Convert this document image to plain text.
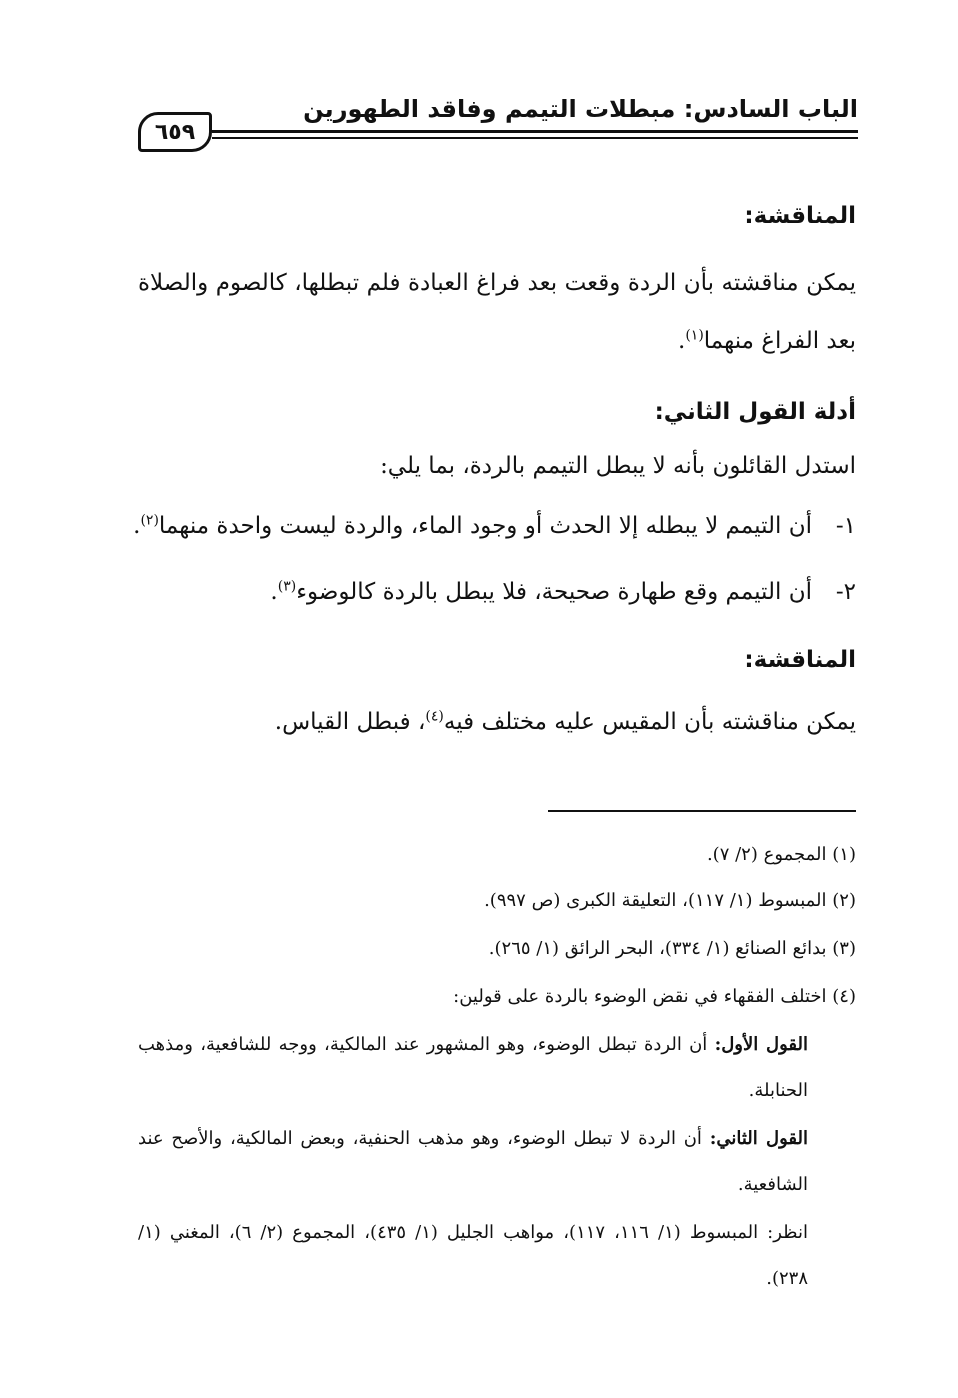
الباب السادس: مبطلات التيمم وفاقد الطهورين
٦٥٩
المناقشة:
يمكن مناقشته بأن الردة وقعت بعد فراغ العبادة فلم تبطلها، كالصوم والصلاة بعد الفراغ منهما$^{(١)}$.
أدلة القول الثاني:
استدل القائلون بأنه لا يبطل التيمم بالردة، بما يلي:
١-أن التيمم لا يبطله إلا الحدث أو وجود الماء، والردة ليست واحدة منهما$^{(٢)}$.
٢-أن التيمم وقع طهارة صحيحة، فلا يبطل بالردة كالوضوء$^{(٣)}$.
المناقشة:
يمكن مناقشته بأن المقيس عليه مختلف فيه$^{(٤)}$، فبطل القياس.
(١) المجموع (٢/ ٧).
(٢) المبسوط (١/ ١١٧)، التعليقة الكبرى (ص ٩٩٧).
(٣) بدائع الصنائع (١/ ٣٣٤)، البحر الرائق (١/ ٢٦٥).
(٤) اختلف الفقهاء في نقض الوضوء بالردة على قولين:
القول الأول: أن الردة تبطل الوضوء، وهو المشهور عند المالكية، ووجه للشافعية، ومذهب الحنابلة.
القول الثاني: أن الردة لا تبطل الوضوء، وهو مذهب الحنفية، وبعض المالكية، والأصح عند الشافعية.
انظر: المبسوط (١/ ١١٦، ١١٧)، مواهب الجليل (١/ ٤٣٥)، المجموع (٢/ ٦)، المغني (١/ ٢٣٨).
